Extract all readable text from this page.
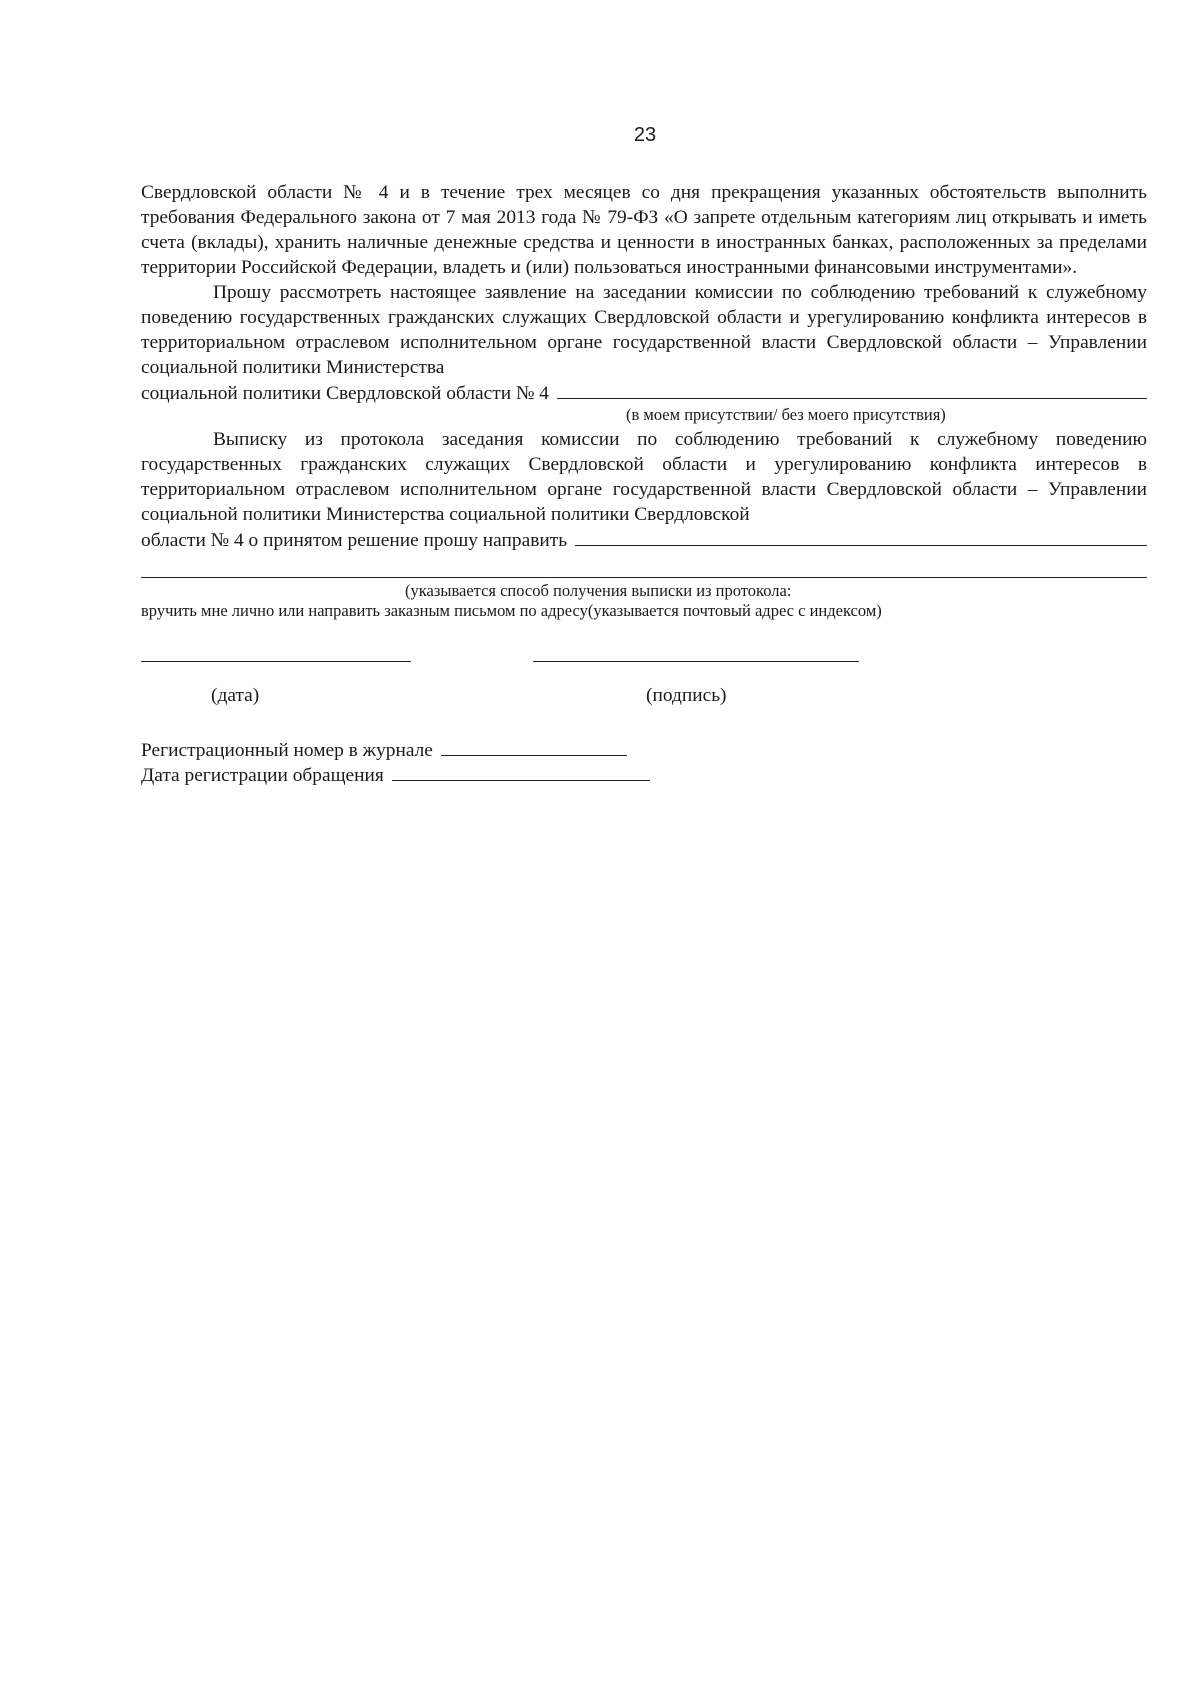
23

Свердловской области № 4 и в течение трех месяцев со дня прекращения указанных обстоятельств выполнить требования Федерального закона от 7 мая 2013 года № 79-ФЗ «О запрете отдельным категориям лиц открывать и иметь счета (вклады), хранить наличные денежные средства и ценности в иностранных банках, расположенных за пределами территории Российской Федерации, владеть и (или) пользоваться иностранными финансовыми инструментами».

Прошу рассмотреть настоящее заявление на заседании комиссии по соблюдению требований к служебному поведению государственных гражданских служащих Свердловской области и урегулированию конфликта интересов в территориальном отраслевом исполнительном органе государственной власти Свердловской области – Управлении социальной политики Министерства

социальной политики Свердловской области № 4
(в моем присутствии/ без моего присутствия)

Выписку из протокола заседания комиссии по соблюдению требований к служебному поведению государственных гражданских служащих Свердловской области и урегулированию конфликта интересов в территориальном отраслевом исполнительном органе государственной власти Свердловской области – Управлении социальной политики Министерства социальной политики Свердловской

области № 4 о принятом решение прошу направить
(указывается способ получения выписки из протокола:
вручить мне лично или направить заказным письмом по адресу(указывается почтовый адрес с индексом)
(дата)	(подпись)
Регистрационный номер в журнале
Дата регистрации обращения
